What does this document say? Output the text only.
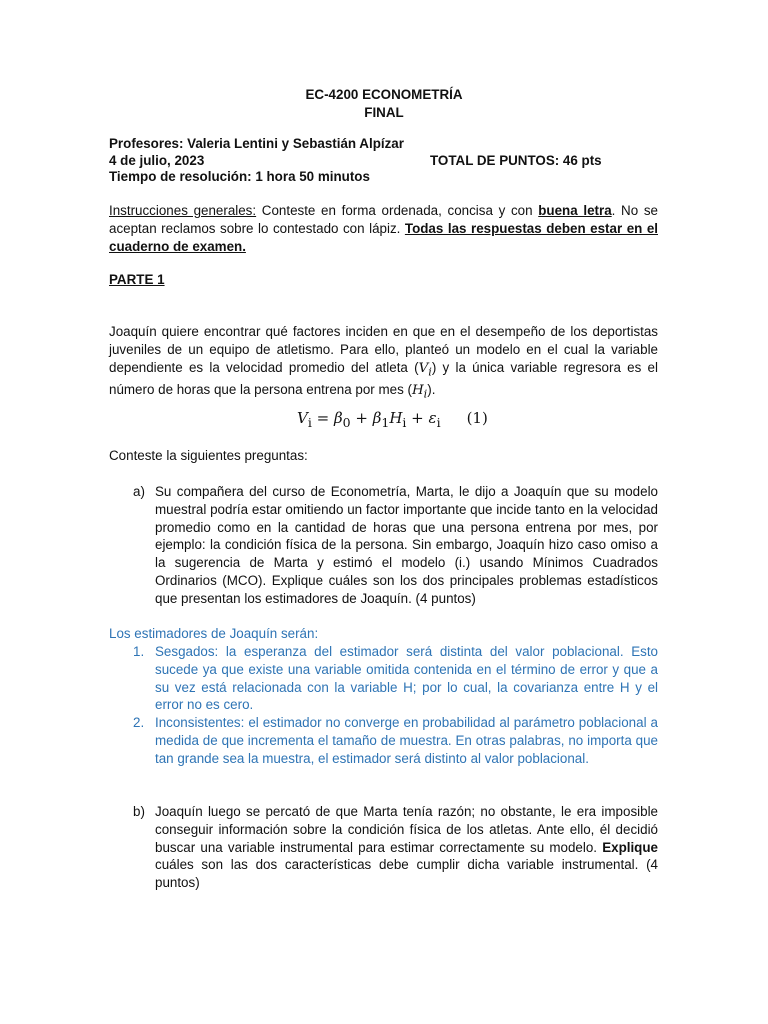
EC-4200 ECONOMETRÍA
FINAL
Profesores: Valeria Lentini y Sebastián Alpízar
4 de julio, 2023	TOTAL DE PUNTOS: 46 pts
Tiempo de resolución: 1 hora 50 minutos
Instrucciones generales: Conteste en forma ordenada, concisa y con buena letra. No se aceptan reclamos sobre lo contestado con lápiz. Todas las respuestas deben estar en el cuaderno de examen.
PARTE 1
Joaquín quiere encontrar qué factores inciden en que en el desempeño de los deportistas juveniles de un equipo de atletismo. Para ello, planteó un modelo en el cual la variable dependiente es la velocidad promedio del atleta $(V_i)$ y la única variable regresora es el número de horas que la persona entrena por mes $(H_i)$.
$V_i = \beta_0 + \beta_1H_i + \varepsilon_i$ (1)
Conteste la siguientes preguntas:
a) Su compañera del curso de Econometría, Marta, le dijo a Joaquín que su modelo muestral podría estar omitiendo un factor importante que incide tanto en la velocidad promedio como en la cantidad de horas que una persona entrena por mes, por ejemplo: la condición física de la persona. Sin embargo, Joaquín hizo caso omiso a la sugerencia de Marta y estimó el modelo (i.) usando Mínimos Cuadrados Ordinarios (MCO). Explique cuáles son los dos principales problemas estadísticos que presentan los estimadores de Joaquín. (4 puntos)
Los estimadores de Joaquín serán:
1. Sesgados: la esperanza del estimador será distinta del valor poblacional. Esto sucede ya que existe una variable omitida contenida en el término de error y que a su vez está relacionada con la variable H; por lo cual, la covarianza entre H y el error no es cero.
2. Inconsistentes: el estimador no converge en probabilidad al parámetro poblacional a medida de que incrementa el tamaño de muestra. En otras palabras, no importa que tan grande sea la muestra, el estimador será distinto al valor poblacional.
b) Joaquín luego se percató de que Marta tenía razón; no obstante, le era imposible conseguir información sobre la condición física de los atletas. Ante ello, él decidió buscar una variable instrumental para estimar correctamente su modelo. Explique cuáles son las dos características debe cumplir dicha variable instrumental. (4 puntos)
